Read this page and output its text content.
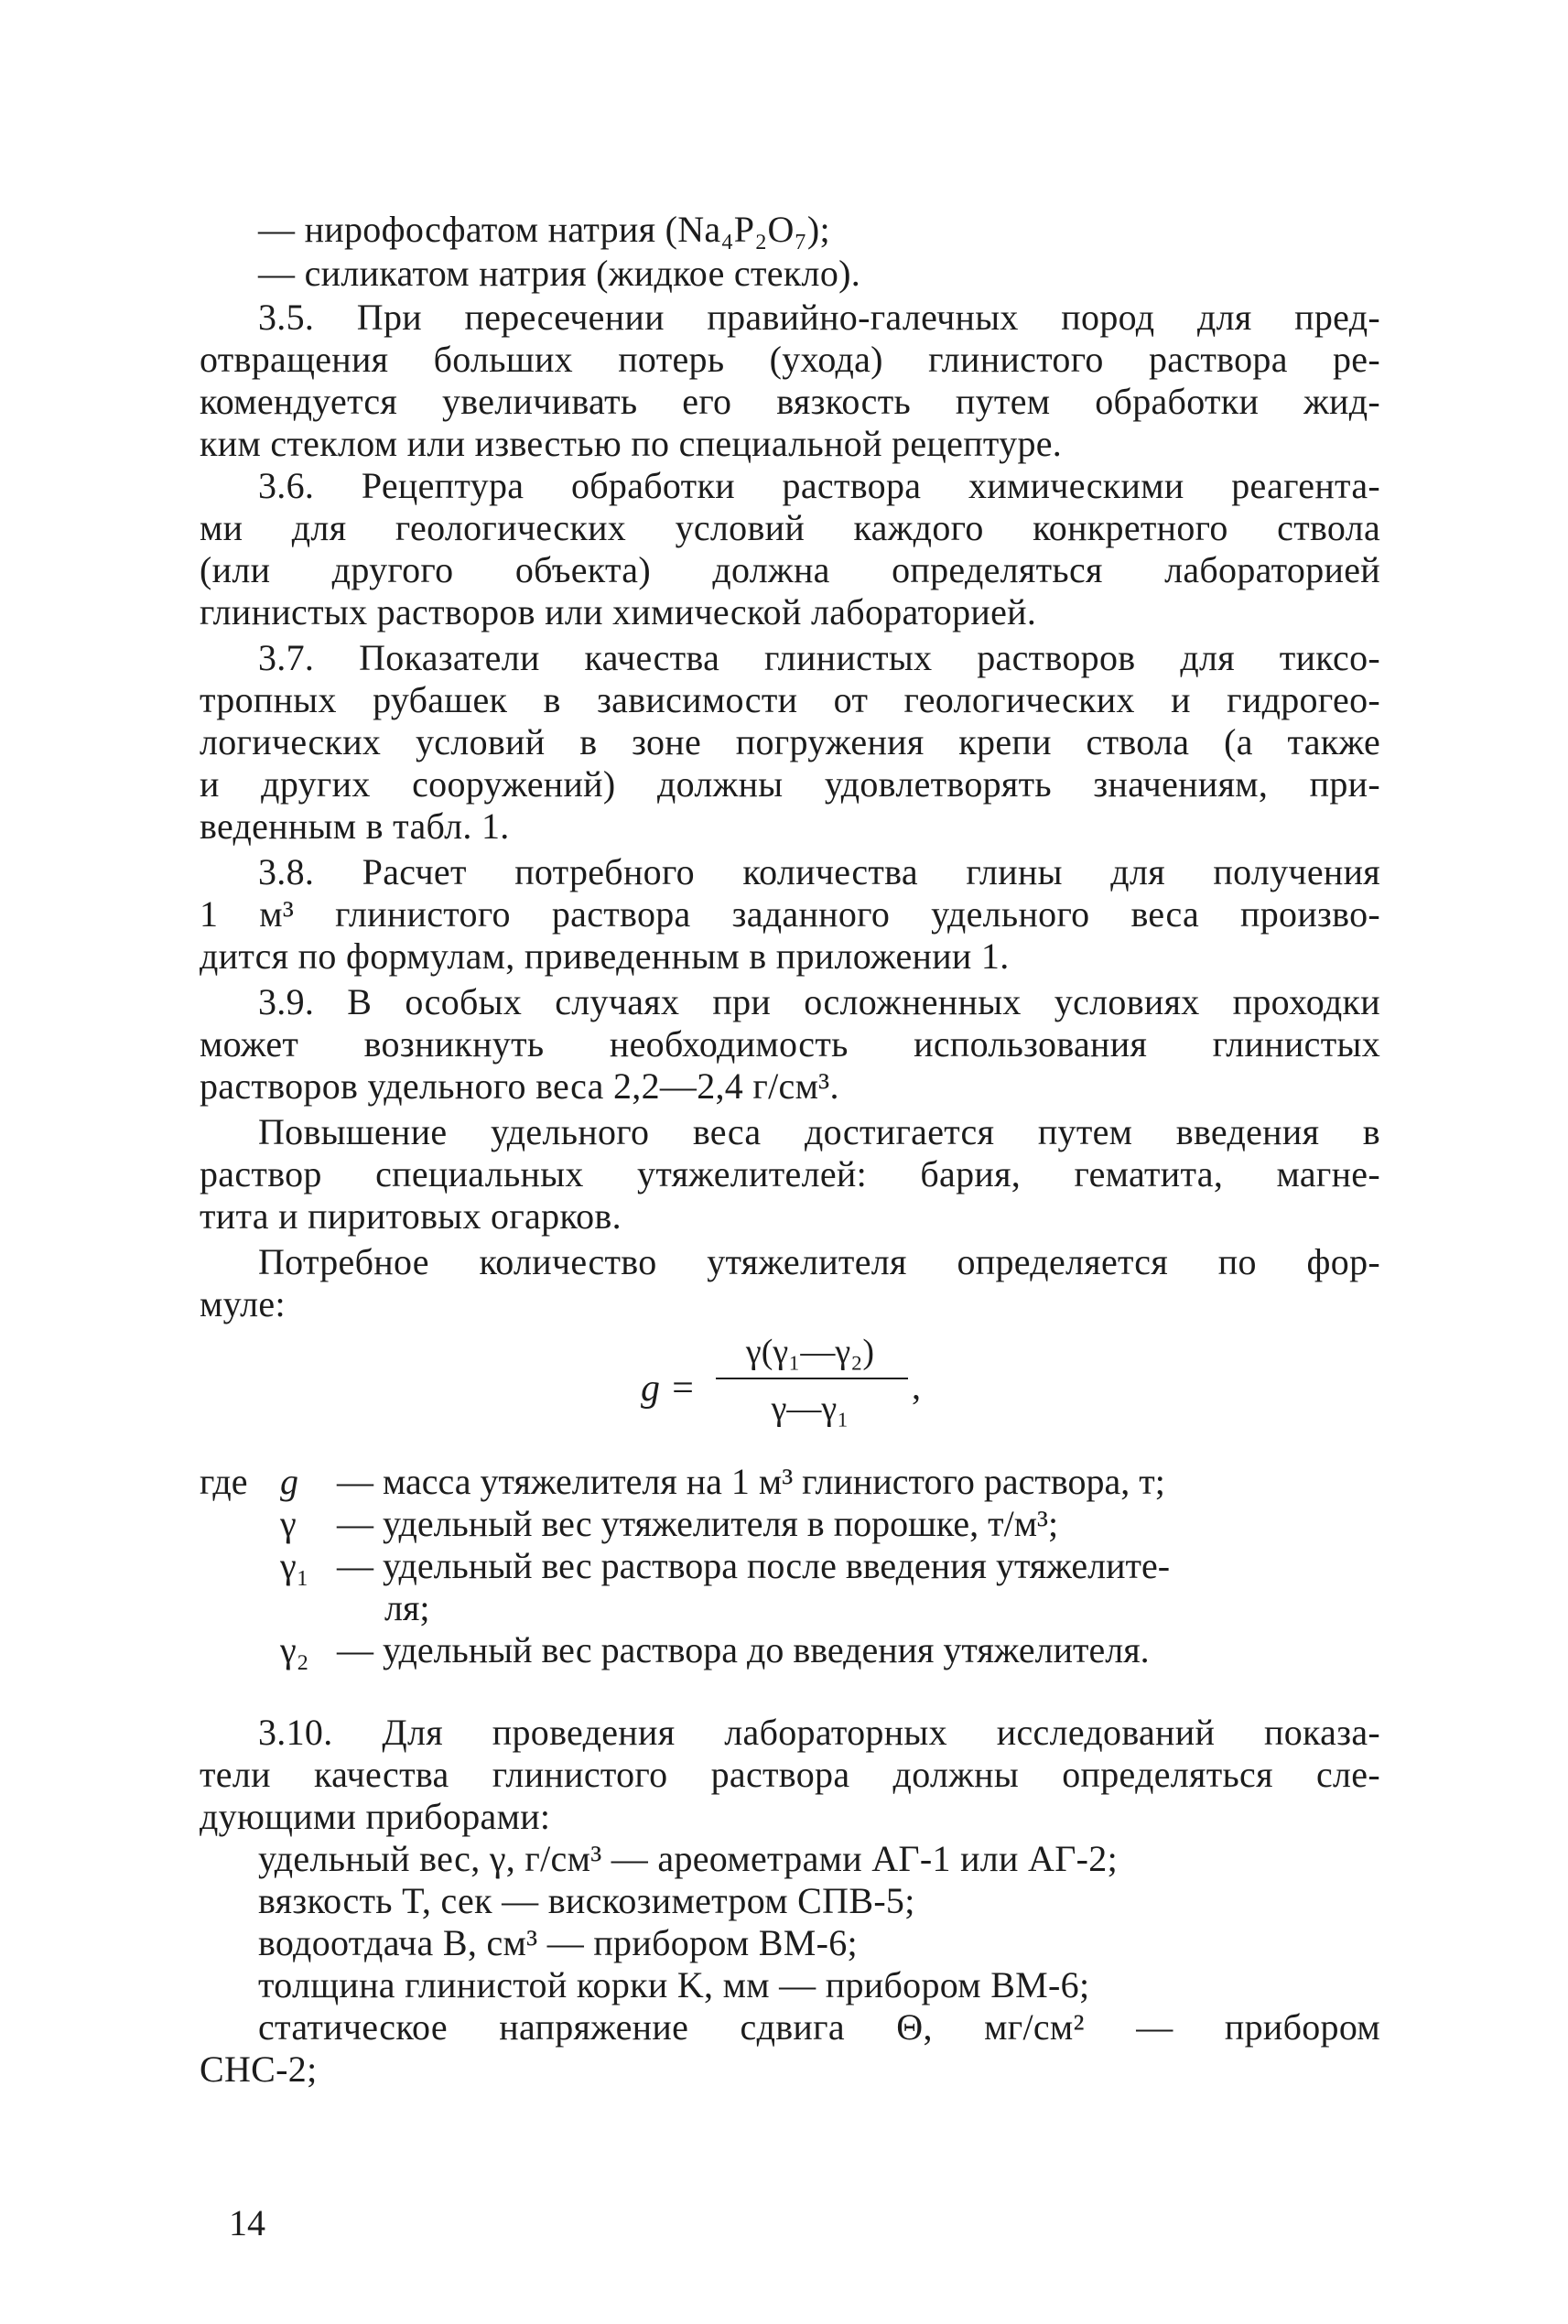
— нирофосфатом натрия (Na₄P₂O₇);
— силикатом натрия (жидкое стекло).
3.5. При пересечении правийно-галечных пород для пред-
отвращения больших потерь (ухода) глинистого раствора ре-
комендуется увеличивать его вязкость путем обработки жид-
ким стеклом или известью по специальной рецептуре.
3.6. Рецептура обработки раствора химическими реагента-
ми для геологических условий каждого конкретного ствола
(или другого объекта) должна определяться лабораторией
глинистых растворов или химической лабораторией.
3.7. Показатели качества глинистых растворов для тиксо-
тропных рубашек в зависимости от геологических и гидрогео-
логических условий в зоне погружения крепи ствола (а также
и других сооружений) должны удовлетворять значениям, при-
веденным в табл. 1.
3.8. Расчет потребного количества глины для получения
1 м³ глинистого раствора заданного удельного веса произво-
дится по формулам, приведенным в приложении 1.
3.9. В особых случаях при осложненных условиях проходки
может возникнуть необходимость использования глинистых
растворов удельного веса 2,2—2,4 г/см³.
Повышение удельного веса достигается путем введения в
раствор специальных утяжелителей: бария, гематита, магне-
тита и пиритовых огарков.
Потребное количество утяжелителя определяется по фор-
муле:
g =
γ(γ₁—γ₂)
γ—γ₁
,
где g — масса утяжелителя на 1 м³ глинистого раствора, т;
γ — удельный вес утяжелителя в порошке, т/м³;
γ₁ — удельный вес раствора после введения утяжелите-
ля;
γ₂ — удельный вес раствора до введения утяжелителя.
3.10. Для проведения лабораторных исследований показа-
тели качества глинистого раствора должны определяться сле-
дующими приборами:
удельный вес, γ, г/см³ — ареометрами АГ-1 или АГ-2;
вязкость T, сек — вискозиметром СПВ-5;
водоотдача B, см³ — прибором ВМ-6;
толщина глинистой корки K, мм — прибором ВМ-6;
статическое напряжение сдвига Θ, мг/см² — прибором
СНС-2;
14
